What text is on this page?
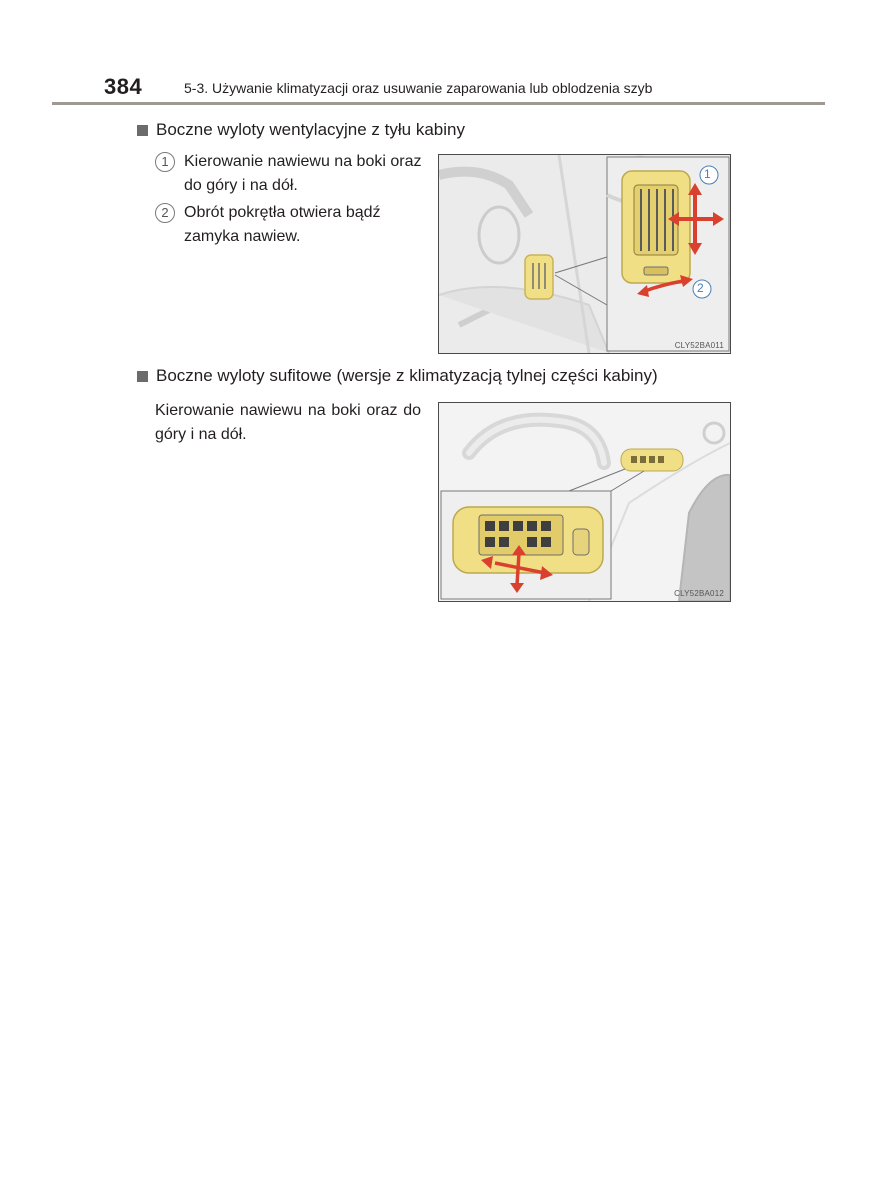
384	5-3. Używanie klimatyzacji oraz usuwanie zaparowania lub oblodzenia szyb
Boczne wyloty wentylacyjne z tyłu kabiny
1 Kierowanie nawiewu na boki oraz do góry i na dół.
2 Obrót pokrętła otwiera bądź zamyka nawiew.
1
2
CLY52BA011
Boczne wyloty sufitowe (wersje z klimatyzacją tylnej części kabiny)
Kierowanie nawiewu na boki oraz do góry i na dół.
CLY52BA012
